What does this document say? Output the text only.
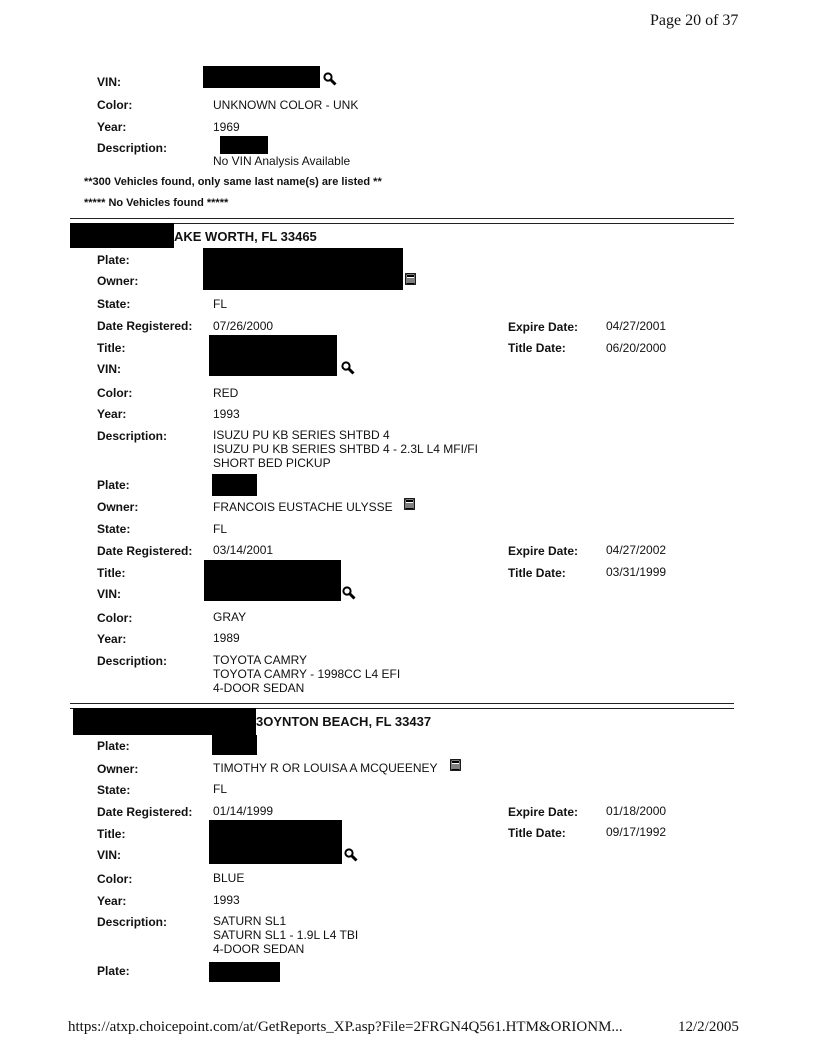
Page 20 of 37
VIN:
Color:	UNKNOWN COLOR - UNK
Year:	1969
Description:
No VIN Analysis Available
**300 Vehicles found, only same last name(s) are listed **
***** No Vehicles found *****
AKE WORTH, FL 33465
Plate:
Owner:
State:	FL
Date Registered: 07/26/2000	Expire Date: 04/27/2001
Title:	Title Date:	06/20/2000
VIN:
Color:	RED
Year:	1993
Description:	ISUZU PU KB SERIES SHTBD 4
ISUZU PU KB SERIES SHTBD 4 - 2.3L L4 MFI/FI
SHORT BED PICKUP
Plate:
Owner:	FRANCOIS EUSTACHE ULYSSE
State:	FL
Date Registered: 03/14/2001	Expire Date: 04/27/2002
Title:	Title Date:	03/31/1999
VIN:
Color:	GRAY
Year:	1989
Description:	TOYOTA CAMRY
TOYOTA CAMRY - 1998CC L4 EFI
4-DOOR SEDAN
3OYNTON BEACH, FL 33437
Plate:
Owner:	TIMOTHY R OR LOUISA A MCQUEENEY
State:	FL
Date Registered: 01/14/1999	Expire Date: 01/18/2000
Title:	Title Date:	09/17/1992
VIN:
Color:	BLUE
Year:	1993
Description:	SATURN SL1
SATURN SL1 - 1.9L L4 TBI
4-DOOR SEDAN
Plate:
https://atxp.choicepoint.com/at/GetReports_XP.asp?File=2FRGN4Q561.HTM&ORIONM...	12/2/2005
